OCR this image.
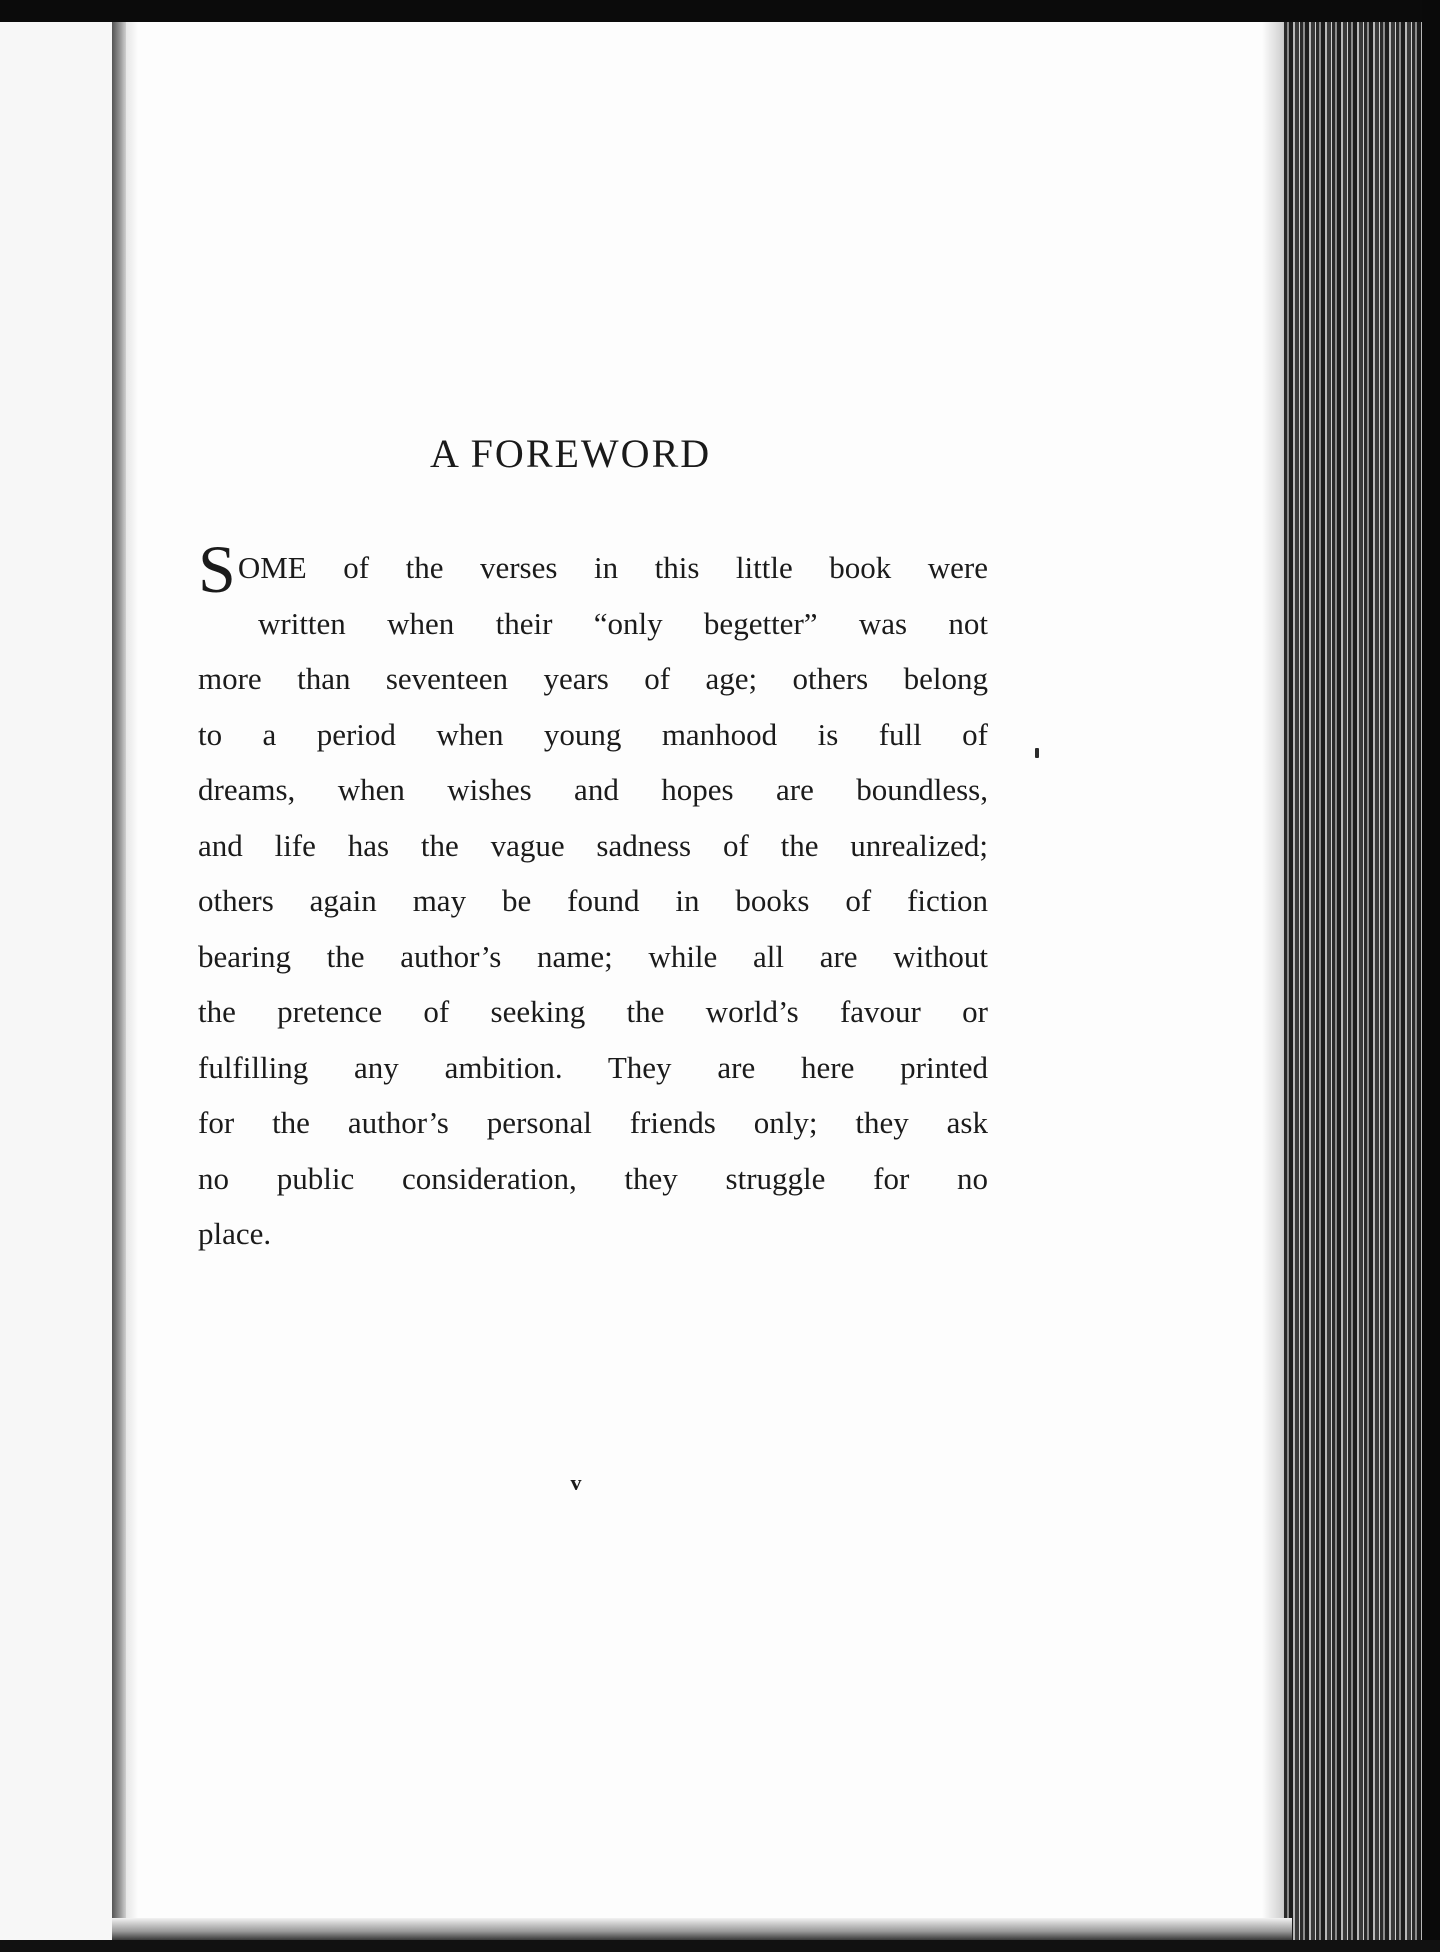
A FOREWORD
SOME of the verses in this little book were
written when their “only begetter” was not
more than seventeen years of age; others belong
to a period when young manhood is full of
dreams, when wishes and hopes are boundless,
and life has the vague sadness of the unrealized;
others again may be found in books of fiction
bearing the author’s name; while all are without
the pretence of seeking the world’s favour or
fulfilling any ambition. They are here printed
for the author’s personal friends only; they ask
no public consideration, they struggle for no
place.
v
